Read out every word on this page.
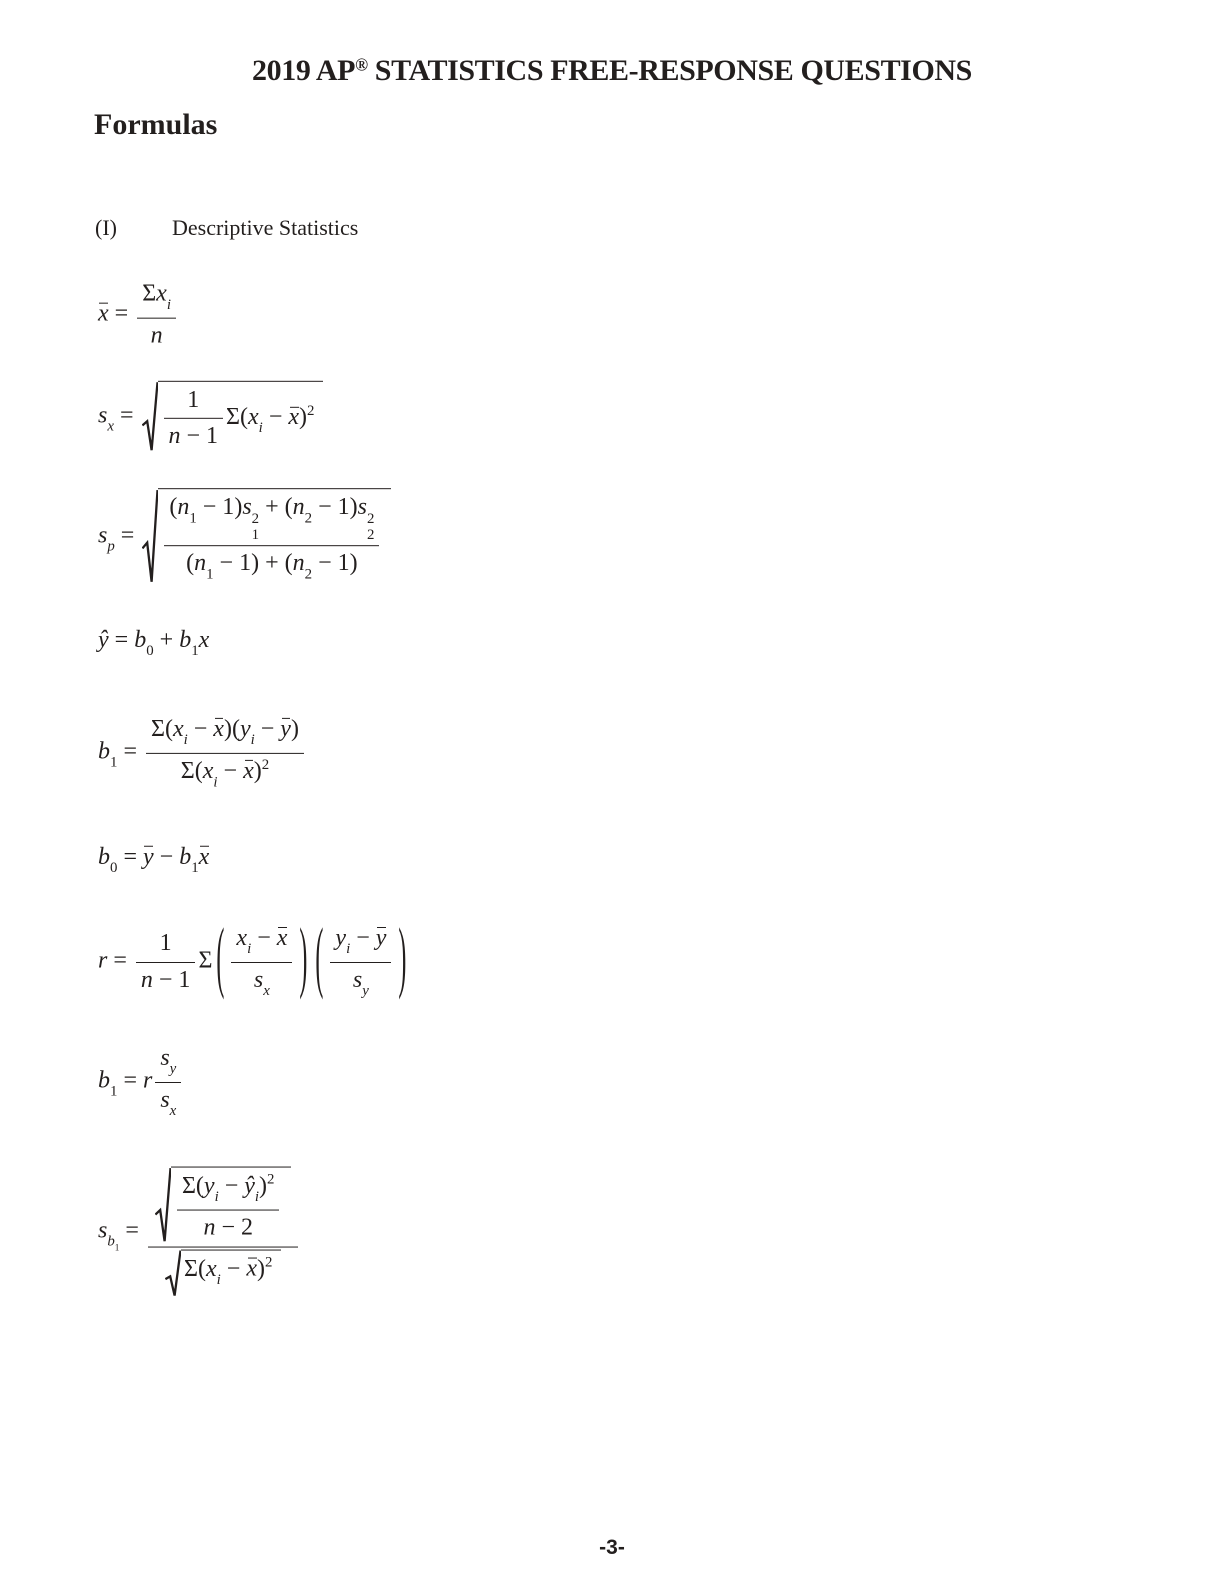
2019 AP® STATISTICS FREE-RESPONSE QUESTIONS
Formulas
(I)	Descriptive Statistics
$x = \frac{\Sigma x_i}{n}$
$s_x = \frac{1}{n - 1} \Sigma(x_i - x)^2$
$s_p = (n_1 - 1)s$ 2
1
+ $(n_2 - 1)s$ 2
2
$(n_1 - 1) + (n_2 - 1)$
ŷ = $b_0 + b_1x$
$b_1 = \frac{\Sigma(x_i - x)(y_i - y)}{\Sigma(x_i - x)^2}$
$b_0 = y - b_1x$
$r = \frac{1}{n - 1}$ Σ ( $\frac{x_i - x}{s_x}$ ) ( $\frac{y_i - y}{s_y}$ )
$b_1 = r \frac{s_y}{s_x}$
$s_{b_1} = \frac{\frac{\Sigma(y_i - ŷ_i)^2}{n - 2}}{\Sigma(x_i - x)^2}$
-3-
